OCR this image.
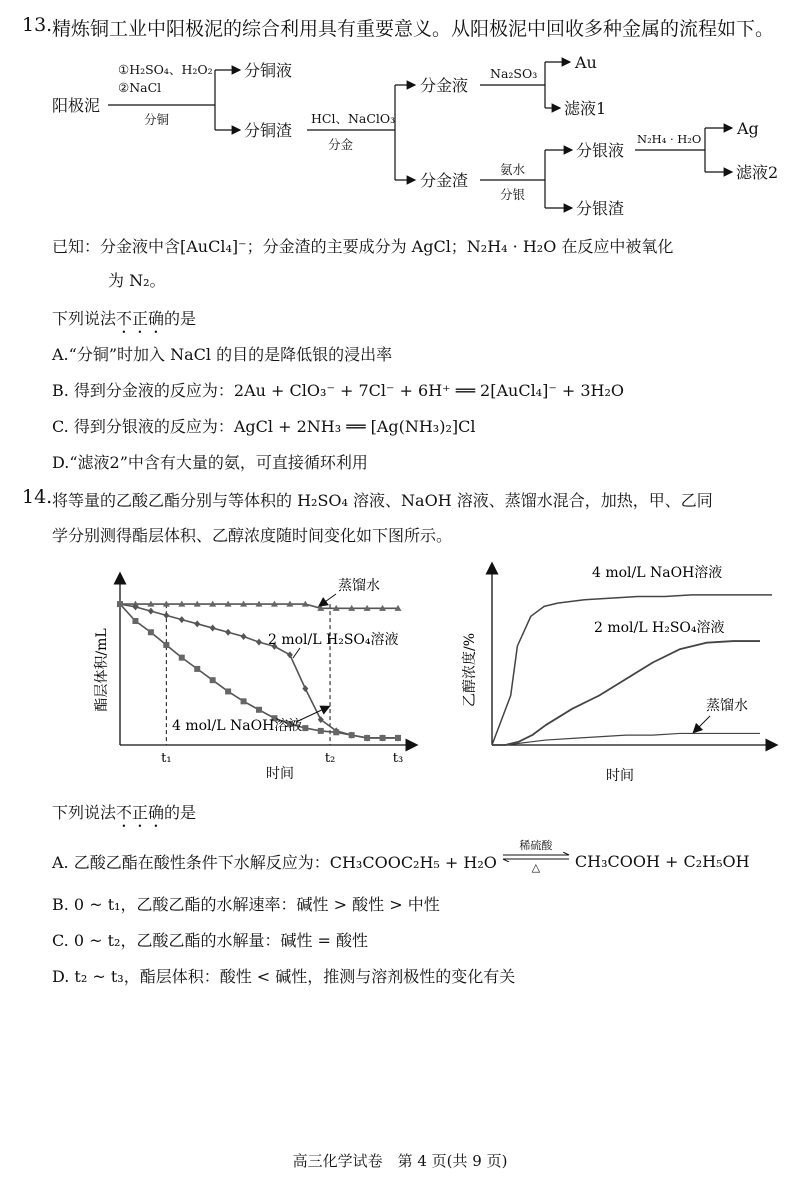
13. 精炼铜工业中阳极泥的综合利用具有重要意义。从阳极泥中回收多种金属的流程如下。
阳极泥
分铜液
分铜渣
分金液
分金渣
Au
滤液1
分银液
分银渣
Ag
滤液2
①H₂SO₄、H₂O₂
②NaCl
分铜	HCl、NaClO₃
分金
Na₂SO₃
氨水
分银
N₂H₄ · H₂O
已知：分金液中含[AuCl₄]⁻；分金渣的主要成分为 AgCl；N₂H₄ · H₂O 在反应中被氧化
为 N₂。
下列说法不正确的是
A.“分铜”时加入 NaCl 的目的是降低银的浸出率
B. 得到分金液的反应为：2Au + ClO₃⁻ + 7Cl⁻ + 6H⁺ ══ 2[AuCl₄]⁻ + 3H₂O
C. 得到分银液的反应为：AgCl + 2NH₃ ══ [Ag(NH₃)₂]Cl
D.“滤液2”中含有大量的氨，可直接循环利用
14. 将等量的乙酸乙酯分别与等体积的 H₂SO₄ 溶液、NaOH 溶液、蒸馏水混合，加热，甲、乙同
学分别测得酯层体积、乙醇浓度随时间变化如下图所示。
酯层体积/mL
时间
t₁	t₂	t₃
蒸馏水
2 mol/L H₂SO₄溶液
4 mol/L NaOH溶液
乙醇浓度/%
时间
4 mol/L NaOH溶液
2 mol/L H₂SO₄溶液
蒸馏水
下列说法不正确的是
A. 乙酸乙酯在酸性条件下水解反应为：CH₃COOC₂H₅ + H₂O
稀硫酸
△ CH₃COOH + C₂H₅OH
B. 0 ~ t₁，乙酸乙酯的水解速率：碱性 > 酸性 > 中性
C. 0 ~ t₂，乙酸乙酯的水解量：碱性 = 酸性
D. t₂ ~ t₃，酯层体积：酸性 < 碱性，推测与溶剂极性的变化有关
高三化学试卷　第 4 页(共 9 页)
